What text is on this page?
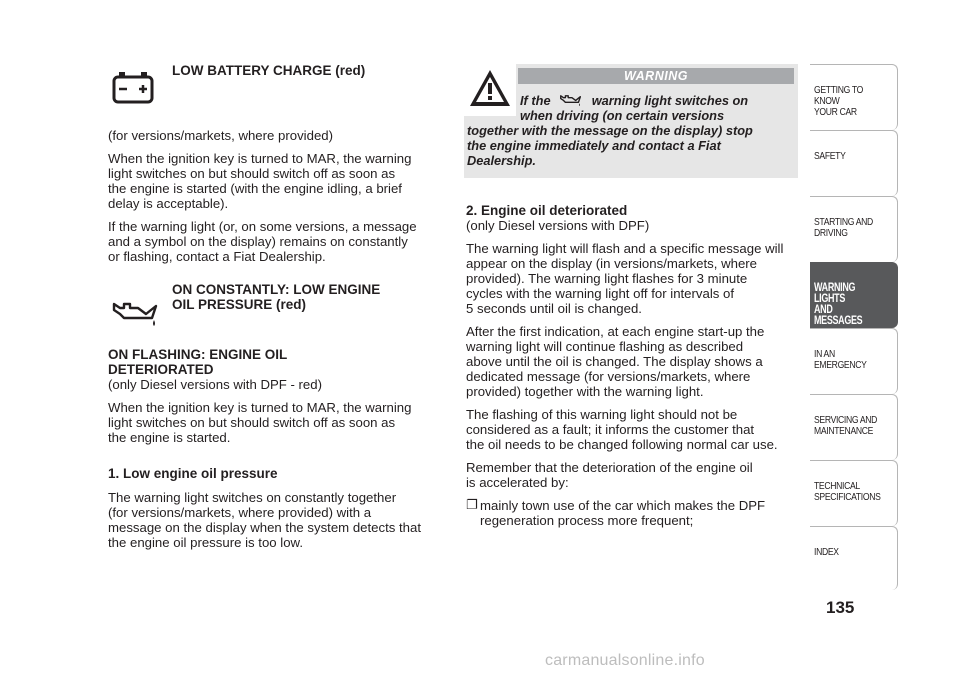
LOW BATTERY CHARGE (red)

(for versions/markets, where provided)

When the ignition key is turned to MAR, the warning

light switches on but should switch off as soon as

the engine is started (with the engine idling, a brief

delay is acceptable).

If the warning light (or, on some versions, a message

and a symbol on the display) remains on constantly

or flashing, contact a Fiat Dealership.

ON CONSTANTLY: LOW ENGINE

OIL PRESSURE (red)

ON FLASHING: ENGINE OIL

DETERIORATED

(only Diesel versions with DPF - red)

When the ignition key is turned to MAR, the warning

light switches on but should switch off as soon as

the engine is started.

1. Low engine oil pressure

The warning light switches on constantly together

(for versions/markets, where provided) with a

message on the display when the system detects that

the engine oil pressure is too low.

WARNING

If the	warning light switches on

when driving (on certain versions

together with the message on the display) stop

the engine immediately and contact a Fiat

Dealership.

2. Engine oil deteriorated

(only Diesel versions with DPF)

The warning light will flash and a specific message will

appear on the display (in versions/markets, where

provided). The warning light flashes for 3 minute

cycles with the warning light off for intervals of

5 seconds until oil is changed.

After the first indication, at each engine start-up the

warning light will continue flashing as described

above until the oil is changed. The display shows a

dedicated message (for versions/markets, where

provided) together with the warning light.

The flashing of this warning light should not be

considered as a fault; it informs the customer that

the oil needs to be changed following normal car use.

Remember that the deterioration of the engine oil

is accelerated by:

❐ mainly town use of the car which makes the DPF

regeneration process more frequent;

GETTING TO KNOW
YOUR CAR
SAFETY
STARTING AND
DRIVING
WARNING LIGHTS
AND MESSAGES
IN AN EMERGENCY
SERVICING AND
MAINTENANCE
TECHNICAL
SPECIFICATIONS
INDEX
135
carmanualsonline.info
